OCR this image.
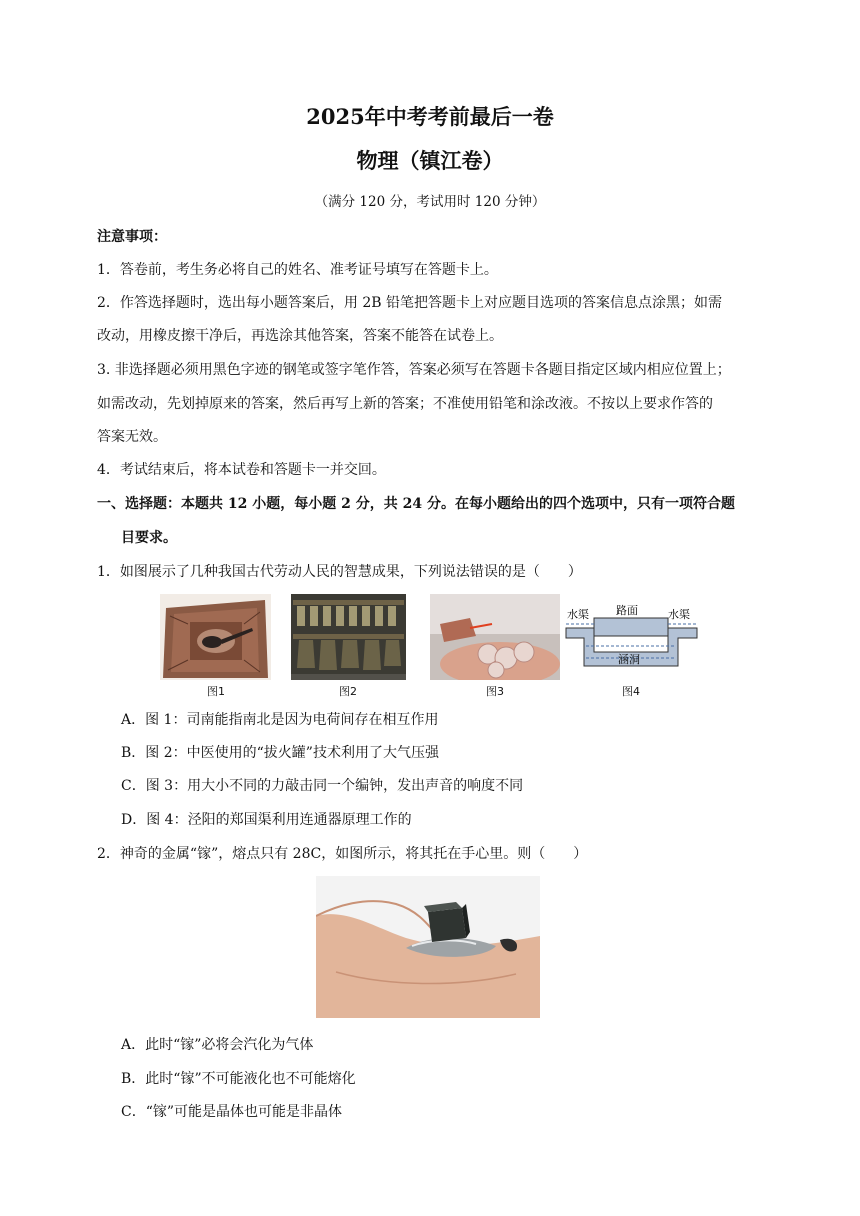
2025年中考考前最后一卷
物理（镇江卷）
（满分 120 分，考试用时 120 分钟）
注意事项：
1．答卷前，考生务必将自己的姓名、准考证号填写在答题卡上。
2．作答选择题时，选出每小题答案后，用 2B 铅笔把答题卡上对应题目选项的答案信息点涂黑；如需
改动，用橡皮擦干净后，再选涂其他答案，答案不能答在试卷上。
3. 非选择题必须用黑色字迹的钢笔或签字笔作答，答案必须写在答题卡各题目指定区域内相应位置上；
如需改动，先划掉原来的答案，然后再写上新的答案；不准使用铅笔和涂改液。不按以上要求作答的
答案无效。
4．考试结束后，将本试卷和答题卡一并交回。
一、选择题：本题共 12 小题，每小题 2 分，共 24 分。在每小题给出的四个选项中，只有一项符合题
目要求。
1．如图展示了几种我国古代劳动人民的智慧成果，下列说法错误的是（　　）
水渠 路面	水渠
涵洞
图1	图2	图3	图4
A．图 1：司南能指南北是因为电荷间存在相互作用
B．图 2：中医使用的“拔火罐”技术利用了大气压强
C．图 3：用大小不同的力敲击同一个编钟，发出声音的响度不同
D．图 4：泾阳的郑国渠利用连通器原理工作的
2．神奇的金属“镓”，熔点只有 28C，如图所示，将其托在手心里。则（　　）
A．此时“镓”必将会汽化为气体
B．此时“镓”不可能液化也不可能熔化
C．“镓”可能是晶体也可能是非晶体
